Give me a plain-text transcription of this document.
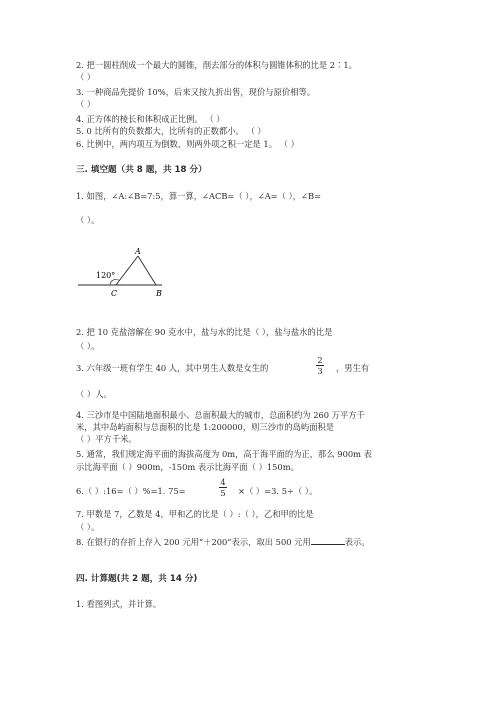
2. 把一圆柱削成一个最大的圆锥，削去部分的体积与圆锥体积的比是 2∶1。
（ ）
3. 一种商品先提价 10%，后来又按九折出售，现价与原价相等。
（ ）
4. 正方体的棱长和体积成正比例。 （ ）
5. 0 比所有的负数都大，比所有的正数都小。 （ ）
6. 比例中，两内项互为倒数，则两外项之积一定是 1。 （ ）
三. 填空题（共 8 题，共 18 分）
1. 如图，∠A:∠B=7:5，算一算，∠ACB=（ ），∠A=（ ），∠B=
（ ）。
120°
A
C	B
2. 把 10 克盐溶解在 90 克水中，盐与水的比是（ ），盐与盐水的比是
（ ）。
3. 六年级一班有学生 40 人，其中男生人数是女生的
2
3 ，男生有
（ ）人。
4. 三沙市是中国陆地面积最小、总面积最大的城市，总面积约为 260 万平方千
米，其中岛屿面积与总面积的比是 1:200000，则三沙市的岛屿面积是
（ ）平方千米。
5. 通常，我们规定海平面的海拔高度为 0m，高于海平面的为正，那么 900m 表
示比海平面（ ）900m，-150m 表示比海平面（ ）150m。
6.（ ）:16=（ ）%=1. 75=
4
5 ×（ ）=3. 5÷（ ）。
7. 甲数是 7，乙数是 4，甲和乙的比是（ ）:（ ），乙和甲的比是
（ ）。
8. 在银行的存折上存入 200 元用“＋200”表示，取出 500 元用	表示。
四. 计算题(共 2 题，共 14 分)
1. 看图列式，并计算。
